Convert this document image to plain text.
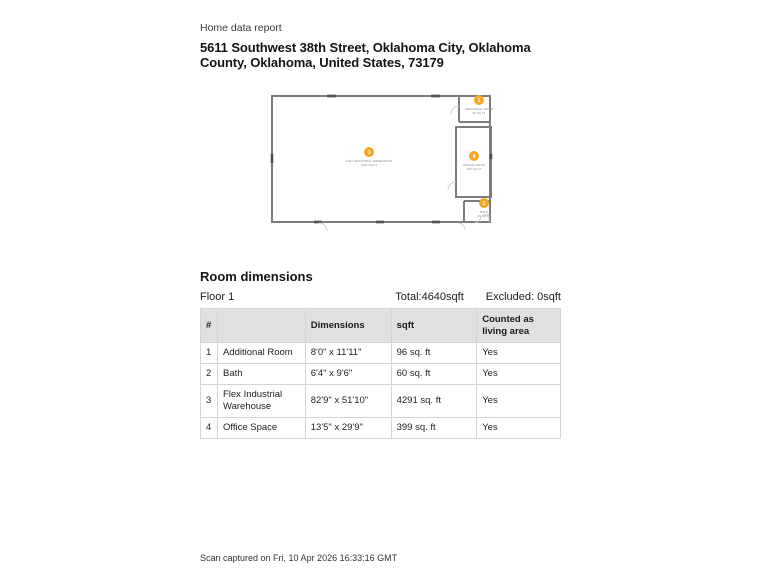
Home data report

5611 Southwest 38th Street, Oklahoma City, Oklahoma County, Oklahoma, United States, 73179
1
ADDITIONAL ROOM
96 SQ FT
2
BATH
60 SQ FT
3
FLEX INDUSTRIAL WAREHOUSE
4291 SQ FT
4
OFFICE SPACE
399 SQ FT
Room dimensions
Floor 1	Total:4640sqft Excluded: 0sqft
#		Dimensions	sqft	Counted as living area
1	Additional Room	8'0" x 11'11"	96 sq. ft	Yes
2	Bath	6'4" x 9'6"	60 sq. ft	Yes
3	Flex Industrial Warehouse	82'9" x 51'10"	4291 sq. ft	Yes
4	Office Space	13'5" x 29'9"	399 sq. ft	Yes

Scan captured on Fri, 10 Apr 2026 16:33:16 GMT
